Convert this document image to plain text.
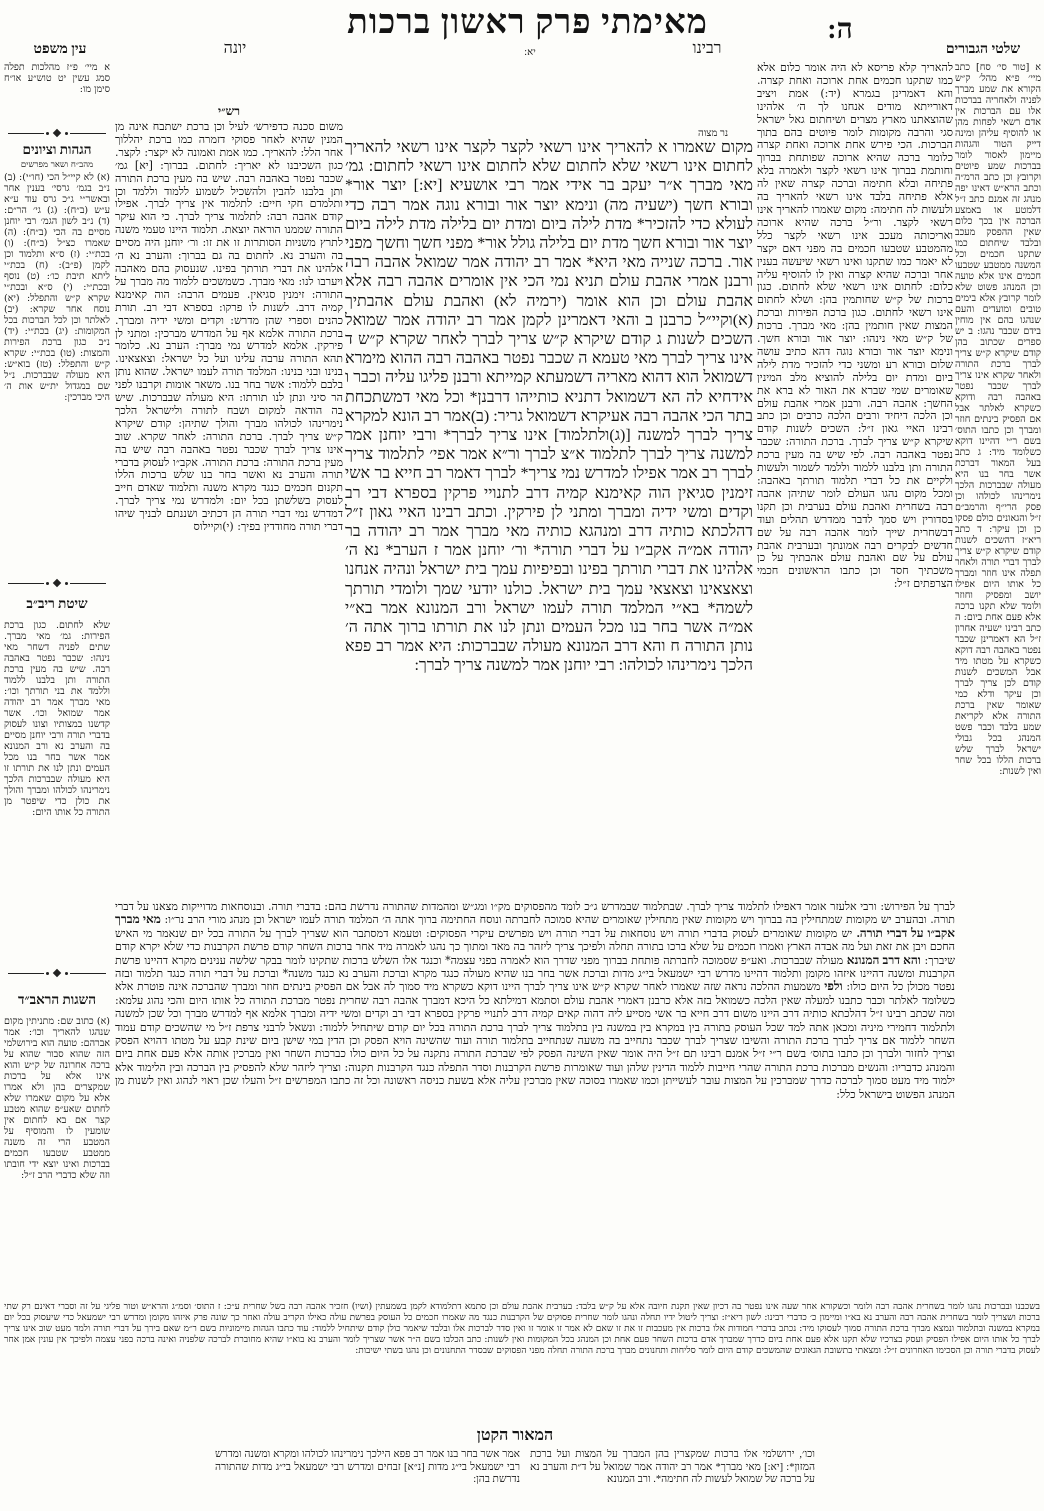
שלטי הגבורים
ה:
רבינו
מאימתי פרק ראשון ברכות
יא:
יונה
עין משפט
א [טור סי׳ סח] כתב מיי׳ פ״א מהל׳ ק״ש הקורא את שמע מברך לפניה ולאחריה בברכות אלו עם הברכות אין אדם רשאי לפחות מהן או להוסיף עליהן ומינה דייק הטור והגהות מיימון לאסור לומר בברכות שמע פיוטים וקרובץ וכן כתב הרמ״ה וכתב הרא״ש דאינו יפה מנהג זה אמנם כתב ז״ל דלמטע או באמצע הברכה אין בכך כלום שאין ההפסק מעכב ובלבד שיחתום כמו שתקנו חכמים וכל המשנה ממטבע שטבעו חכמים אינו אלא טועה וכן המנהג פשוט שלא לומר קרובץ אלא בימים טובים ומועדים והעם שנהגו בהם אין מוחין בידם שכבר נהגו: ב יש ספרים שכתוב בהן קודם שיקרא ק״ש צריך לברך ברכת התורה ולאחר שקרא אינו צריך לברך שכבר נפטר באהבה רבה ודוקא כשקרא לאלתר אבל אם הפסיק בינתים חוזר ומברך וכן כתבו התוס׳ בשם ר״י דהיינו דוקא כשלומד מיד: ג כתב בעל המאור דברכת אשר בחר בנו היא מעולה שבברכות הלכך נימרינהו לכולהו וכן פסק הרי״ף והרמב״ם ז״ל והגאונים כולם פסקו כן וכן עיקר: ד כתב ריא״ז דהשכים לשנות קודם שיקרא ק״ש צריך לברך דברי תורה ולאחר תפלה אינו חוזר ומברך כל אותו היום אפילו יושב ומפסיק וחוזר ולומד שלא תקנו ברכה אלא פעם אחת ביום: ה כתב רבינו ישעיה אחרון ז״ל הא דאמרינן שכבר נפטר באהבה רבה דוקא כשקרא על מטתו מיד אבל המשכים לשנות קודם לכן צריך לברך וכן עיקר ודלא כמי שאומר שאין ברכת התורה אלא לקריאת שמע בלבד וכבר פשט המנהג בכל גבולי ישראל לברך שלש ברכות הללו בכל שחר ואין לשנות:
להאריך קלא פריסא לא היה אומר כלום אלא כמו שתקנו חכמים אחת ארוכה ואחת קצרה. והא דאמרינן בגמרא (יד:) אמת ויציב דאורייתא מודים אנחנו לך ה׳ אלהינו שהוצאתנו מארץ מצרים ושיחתום גאל ישראל סגי והרבה מקומות לומר פיוטים בהם בתוך הברכות. הכי פירש אחת ארוכה ואחת קצרה כלומר ברכה שהיא ארוכה שפותחת בברוך וחותמת בברוך אינו רשאי לקצר ולאמרה בלא פתיחה ובלא חתימה וברכה קצרה שאין לה אלא פתיחה בלבד אינו רשאי להאריך בה ולעשות לה חתימה: מקום שאמרו להאריך אינו רשאי לקצר. ור״ל ברכה שהיא ארוכה ואריכותה מעכב אינו רשאי לקצר כלל מהמטבע שטבעו חכמים בה מפני דאם יקצר לא יאמר כמו שתקנו ואינו רשאי שיעשה בענין אחר וברכה שהיא קצרה ואין לו להוסיף עליה כלום: לחתום אינו רשאי שלא לחתום. כגון ברכות של ק״ש שחותמין בהן: ושלא לחתום אינו רשאי לחתום. כגון ברכת הפירות וברכת המצות שאין חותמין בהן: מאי מברך. ברכות של ק״ש מאי נינהו: יוצר אור ובורא חשך. ונימא יוצר אור ובורא נוגה דהא כתיב עושה שלום ובורא רע ומשני כדי להזכיר מדת לילה ביום ומדת יום בלילה להוציא מלב המינין שאומרים שמי שברא את האור לא ברא את החשך: אהבה רבה. ורבנן אמרי אהבת עולם וכן הלכה דיחיד ורבים הלכה כרבים וכן כתב רבינו האיי גאון ז״ל: השכים לשנות קודם שיקרא ק״ש צריך לברך. ברכת התורה: שכבר נפטר באהבה רבה. לפי שיש בה מעין ברכת התורה ותן בלבנו ללמוד וללמד לשמור ולעשות ולקיים את כל דברי תלמוד תורתך באהבה: ומכל מקום נהגו העולם לומר שתיהן אהבה רבה בשחרית ואהבת עולם בערבית וכן תקנו בסדורין ויש סמך לדבר ממדרש תהלים ועוד דבשחרית שייך לומר אהבה רבה על שם חדשים לבקרים רבה אמונתך ובערבית אהבת עולם על שם ואהבת עולם אהבתיך על כן משכתיך חסד וכן כתבו הראשונים חכמי הצרפתים ז״ל:
נר מצוה
מקום שאמרו א להאריך אינו רשאי לקצר לקצר אינו רשאי להאריך לחתום אינו רשאי שלא לחתום שלא לחתום אינו רשאי לחתום: גמ׳ מאי מברך א״ר יעקב בר אידי אמר רבי אושעיא [יא:] יוצר אור* ובורא חשך (ישעיה מה) ונימא יוצר אור ובורא נוגה אמר רבה כדי לעולא כדי להזכיר* מדת לילה ביום ומדת יום בלילה מדת לילה ביום יוצר אור ובורא חשך מדת יום בלילה גולל אור* מפני חשך וחשך מפני אור. ברכה שנייה מאי היא* אמר רב יהודה אמר שמואל אהבה רבה ורבנן אמרי אהבת עולם תניא נמי הכי אין אומרים אהבה רבה אלא אהבת עולם וכן הוא אומר (ירמיה לא) ואהבת עולם אהבתיך (א)וקיי״ל כרבנן ב והאי דאמרינן לקמן אמר רב יהודה אמר שמואל השכים לשנות ג קודם שיקרא ק״ש צריך לברך לאחר שקרא ק״ש ד אינו צריך לברך מאי טעמא ה שכבר נפטר באהבה רבה ההוא מימרא דשמואל הוא דהוא מאריה דשמעתא קמייתא ורבנן פליגו עליה וכבר ו אידחיא לה הא דשמואל דתניא כותייהו דרבנן* וכל מאי דמשתכחת בתר הכי אהבה רבה אעיקרא דשמואל גריר: (ב)אמר רב הונא למקרא צריך לברך למשנה [(ג)ולתלמוד] אינו צריך לברך* ורבי יוחנן אמר למשנה צריך לברך לתלמוד א״צ לברך ור״א אמר אפי׳ לתלמוד צריך לברך רב אמר אפילו למדרש נמי צריך* לברך דאמר רב חייא בר אשי זימנין סגיאין הוה קאימנא קמיה דרב לתנויי פרקין בספרא דבי רב וקדים ומשי ידיה ומברך ומתני לן פירקין. וכתב רבינו האיי גאון ז״ל דהלכתא כותיה דרב ומנהגא כותיה מאי מברך אמר רב יהודה בר יהודה אמ״ה אקב״ו על דברי תורה* ור׳ יוחנן אמר ז הערב* נא ה׳ אלהינו את דברי תורתך בפינו ובפיפיות עמך בית ישראל ונהיה אנחנו וצאצאינו וצאצאי עמך בית ישראל. כולנו יודעי שמך ולומדי תורתך לשמה* בא״י המלמד תורה לעמו ישראל ורב המנונא אמר בא״י אמ״ה אשר בחר בנו מכל העמים ונתן לנו את תורתו ברוך אתה ה׳ נותן התורה ח והא דרב המנונא מעולה שבברכות: היא אמר רב פפא הלכך נימרינהו לכולהו: רבי יוחנן אמר למשנה צריך לברך:
רש״י
משום סכנה כדפירש׳ לעיל וכן ברכת ישתבח אינה מן המנין שהיא לאחר פסוקי דזמרה כמו ברכת יהללוך אחר הלל: להאריך. כמו אמת ואמונה לא יקצר: לקצר. כגון השכיבנו לא יאריך: לחתום. בברוך: [יא] גמ׳ שכבר נפטר באהבה רבה. שיש בה מעין ברכת התורה ותן בלבנו להבין ולהשכיל לשמוע ללמוד וללמד וכן ותלמדם חקי חיים: לתלמוד אין צריך לברך. אפילו קודם אהבה רבה: לתלמוד צריך לברך. כי הוא עיקר התורה שממנו הוראה יוצאת. תלמוד היינו טעמי משנה לתרץ משניות הסותרות זו את זו: ור׳ יוחנן היה מסיים בה והערב נא. לחתום בה גם בברוך: והערב נא ה׳ אלהינו את דברי תורתך בפינו. שנעסוק בהם מאהבה ויערבו לנו: מאי מברך. כשמשכים ללמוד מה מברך על התורה: זימנין סגיאין. פעמים הרבה: הוה קאימנא קמיה דרב. לשנות לו פרקו: בספרא דבי רב. תורת כהנים וספרי שהן מדרש: וקדים ומשי ידיה ומברך. ברכת התורה אלמא אף על המדרש מברכין: ומתני לן פירקין. אלמא למדרש נמי מברך: הערב נא. כלומר תהא התורה ערבה עלינו ועל כל ישראל: וצאצאינו. בנינו ובני בנינו: המלמד תורה לעמו ישראל. שהוא נותן בלבם ללמוד: אשר בחר בנו. משאר אומות וקרבנו לפני הר סיני ונתן לנו תורתו: היא מעולה שבברכות. שיש בה הודאה למקום ושבח לתורה ולישראל הלכך נימרינהו לכולהו מברך והולך שתיהן: קודם שיקרא ק״ש צריך לברך. ברכת התורה: לאחר שקרא. שוב אינו צריך לברך שכבר נפטר באהבה רבה שיש בה מעין ברכת התורה: ברכת התורה. אקב״ו לעסוק בדברי תורה והערב נא ואשר בחר בנו שלש ברכות הללו תקנום חכמים כנגד מקרא משנה ותלמוד שאדם חייב לעסוק בשלשתן בכל יום: ולמדרש נמי צריך לברך. דמדרש נמי דברי תורה הן דכתיב ושננתם לבניך שיהו דברי תורה מחודדין בפיך: (י)וקיילוס
א מיי׳ פ״ז מהלכות תפלה סמג עשין יט טוש״ע או״ח סימן מו:
הגהות וציונים
מהב״ח ושאר מפרשים
(א) לא קיי״ל הכי (חו״י): (ב) נ״ב בגמ׳ גרסי׳ בענין אחר ובאשר״י ג״כ גרס עוד ע״א ע״ש (ב״ח): (ג) גי׳ הר״ם: (ד) נ״ב לשון הגמ׳ רבי יוחנן מסיים בה הכי (ב״ח): (ה) שאמרו כצ״ל (ב״ח): (ו) בכת״י: (ז) ס״א ותלמוד וכן לקמן (פ״ב): (ח) בכת״י ליתא תיבת כו׳: (ט) נוסף ובכת״י: (י) ס״א ובכת״י שקרא ק״ש והתפלל: (יא) נוסח אחר שקרא: (יב) לאלתר וכן לכל הברכות בכל המקומות: (יג) בכת״י: (יד) נ״ב כגון ברכת הפירות והמצות: (טו) בכת״י: שקרא ק״ש והתפלל: (טז) בוא״ש: היא מעולה שבברכות. נ״ל שם במגדול ית״ש אות ה׳ היכי מברכין:
שיטת ריב״ב
שלא לחתום. כגון ברכת הפירות: גמ׳ מאי מברך. שתים לפניה דשחר מאי נינהו: שכבר נפטר באהבה רבה. שיש בה מעין ברכת התורה ותן בלבנו ללמוד וללמד את בני תורתך וכו׳: מאי מברך אמר רב יהודה אמר שמואל וכו׳. אשר קדשנו במצותיו וצונו לעסוק בדברי תורה ורבי יוחנן מסיים בה והערב נא ורב המנונא אמר אשר בחר בנו מכל העמים ונתן לנו את תורתו זו היא מעולה שבברכות הלכך נימרינהו לכולהו ומברך והולך את כולן כדי שיפטר מן התורה כל אותו היום:
השגות הראב״ד
(א) כתוב שם: מתניתין מקום שנהגו להאריך וכו׳: אמר אברהם: טועה הוא בירושלמי הזה שהוא סבור שהוא על ברכה אחרונה של ק״ש והוא אינו אלא על ברכות שמקצרים בהן ולא אמרו אלא על מקום שאמרו שלא לחתום שאע״פ שהוא מטבע קצר אם בא לחתום אין שומעין לו והמוסיף על המטבע הרי זה משנה ממטבע שטבעו חכמים בברכות ואינו יוצא ידי חובתו וזה שלא כדברי הרב ז״ל:
לברך על הפירוש: ורבי אלעזר אומר דאפילו לתלמוד צריך לברך. שבתלמוד שבמדרש ג״כ לומד מהפסוקים מק״ו ומג״ש ומהמדות שהתורה נדרשת בהם: בדברי תורה. ובנוסחאות מדוייקות מצאנו על דברי תורה. ובהערב יש מקומות שמתחילין בה בברוך ויש מקומות שאין מתחילין שאומרים שהיא סמוכה לחברתה ונוסח החתימה ברוך אתה ה׳ המלמד תורה לעמו ישראל וכן מנהג מורי הרב נר״ו: מאי מברך אקב״ו על דברי תורה. יש מקומות שאומרים לעסוק בדברי תורה ויש נוסחאות על דברי תורה ויש מפרשים עיקרי הפסוקים: וטעמא דמסתבר הוא שצריך לברך על התורה בכל יום שנאמר מי האיש החכם ויבן את זאת ועל מה אבדה הארץ ואמרו חכמים על שלא ברכו בתורה תחלה ולפיכך צריך ליזהר בה מאד ומתוך כך נהגו לאמרה מיד אחר ברכות השחר קודם פרשת הקרבנות כדי שלא יקרא קודם שיברך: והא דרב המנונא מעולה שבברכות. ואע״פ שסמוכה לחברתה פותחת בברוך מפני שדרך הוא לאמרה בפני עצמה* וכנגד אלו השלש ברכות שתקינו לומר בבקר שלשה ענינים מקרא דהיינו פרשת הקרבנות ומשנה דהיינו איזהו מקומן ותלמוד דהיינו מדרש רבי ישמעאל בי״ג מדות וברכת אשר בחר בנו שהיא מעולה כנגד מקרא וברכת והערב נא כנגד משנה* וברכת על דברי תורה כנגד תלמוד ובזה נפטר מכולן כל היום כולו: ולפי משמעות ההלכה נראה שזה שאמרו לאחר שקרא ק״ש אינו צריך לברך היינו דוקא כשקרא מיד סמוך לה אבל אם הפסיק בינתים חוזר ומברך שהברכה אינה פוטרת אלא כשלומד לאלתר וכבר כתבנו למעלה שאין הלכה כשמואל בזה אלא כרבנן דאמרי אהבת עולם וסתמא דמילתא כל היכא דמברך אהבה רבה שחרית נפטר מברכת התורה כל אותו היום והכי נהוג עלמא: ומה שכתב רבינו ז״ל דהלכתא כותיה דרב היינו משום דרב חייא בר אשי מסייע ליה דהוה קאים קמיה דרב לתנויי פרקין בספרא דבי רב וקדים ומשי ידיה ומברך אלמא אף למדרש מברך וכל שכן למשנה ולתלמוד דחמירי מיניה ומכאן אתה למד שכל העוסק בתורה בין במקרא בין במשנה בין בתלמוד צריך לברך ברכת התורה בכל יום קודם שיתחיל ללמוד: ונשאל לרבני צרפת ז״ל מי שהשכים קודם עמוד השחר ללמוד אם צריך לברך ברכת התורה והשיבו שצריך לברך שכבר נתחייב בה משעה שנתחייב בתלמוד תורה ועוד שהשינה הויא הפסק וכן הדין במי שישן ביום שינת קבע על מטתו דהויא הפסק וצריך לחזור ולברך וכן כתבו בתוס׳ בשם ר״י ז״ל אמנם רבינו תם ז״ל היה אומר שאין השינה הפסק לפי שברכת התורה נתקנה על כל היום כולו כברכות השחר ואין מברכין אותה אלא פעם אחת ביום והמנהג כדבריו: והנשים מברכות ברכת התורה שהרי חייבות ללמוד הדינין שלהן ועוד שאומרות פרשת הקרבנות וסדר התפלה כנגד הקרבנות תקנוה: וצריך ליזהר שלא להפסיק בין הברכה ובין הלימוד אלא ילמוד מיד מעט סמוך לברכה כדרך שמברכין על המצות עובר לעשייתן וכמו שאמרו בסוכה שאין מברכין עליה אלא בשעת כניסה ראשונה וכל זה כתבו המפרשים ז״ל והעלו שכן ראוי לנהוג ואין לשנות מן המנהג הפשוט בישראל כלל:
בשכבנו ובברכות נהגו לומר בשחרית אהבה רבה ולומר וכשקורא אחר שעה אינו נפטר בה דכיון שאין תקנת חיובה אלא על ק״ש בלבד: בערבית אהבת עולם וכן סתמא דתלמודא לקמן בשמעתין (ושיו) חזכיר אהבה רבה בשל שחרית ע״כ: ז התוס׳ וסמ״ג והרא״ש וטור פליגי על זה וסברי דאינם רק שתי ברכות ושצריך לומר בשחרית אהבה רבה והערב נא בא״ו ומיימון כ׳ כדברי רבינו: לשון ריא״ז: וצריך ליטול ידיו תחלה ונהגו לומר שחרית פסוקים של הקרבנות כנגד מה שאמרו חכמים כל העוסק בפרשת עולה כאילו הקריב עולה ואחר כך שונה פרק איזהו מקומן ומדרש רבי ישמעאל כדי שיעסוק בכל יום במקרא במשנה ובתלמוד ונמצא מברך ברכת התורה סמוך לעסוקו מיד: נכתב בדברי חמודות אלו ברכות אין מעכבות זו את זו שאם לא אמר זו אומר זו ואין סדר לברכות אלו ובלבד שיאמר כולן קודם שיתחיל ללמוד: עוד כתבו הגהות מיימוניות בשם ר״מ שאם בירך על דברי תורה ולמד מעט שוב אינו צריך לברך כל אותו היום אפילו הפסיק ועסק בצרכיו שלא תקנו אלא פעם אחת ביום כדרך שמברך אדם ברכות השחר פעם אחת וכן המנהג בכל המקומות ואין לשנות: כתב הכלבו בשם ה״ר אשר שצריך לומר והערב נא בוא״ו שהיא מחוברת לברכה שלפניה ואינה ברכה בפני עצמה ולפיכך אין עונין אמן אחר לעסוק בדברי תורה וכן הסכימו האחרונים ז״ל: ומצאתי בתשובת הגאונים שהמשכים קודם היום לומר סליחות ותחנונים מברך ברכת התורה תחלה מפני הפסוקים שבסדר התחנונים וכן נהגו בשתי ישיבות:
המאור הקטן
וכו׳, ירושלמי אלו ברכות שמקצרין בהן המברך על המצות ועל ברכת המזון*: [יא:] מאי מברך* אמר רב יהודה אמר שמואל על ד״ת והערב נא על ברכה של שמואל לעשות לה חתימה*. ורב המנונא
אמר אשר בחר בנו אמר רב פפא הילכך נימרינהו לכולהו ומקרא ומשנה ומדרש רבי ישמעאל בי״ג מדות [נ״א] זבחים ומדרש רבי ישמעאל בי״ג מדות שהתורה נדרשת בהן:
